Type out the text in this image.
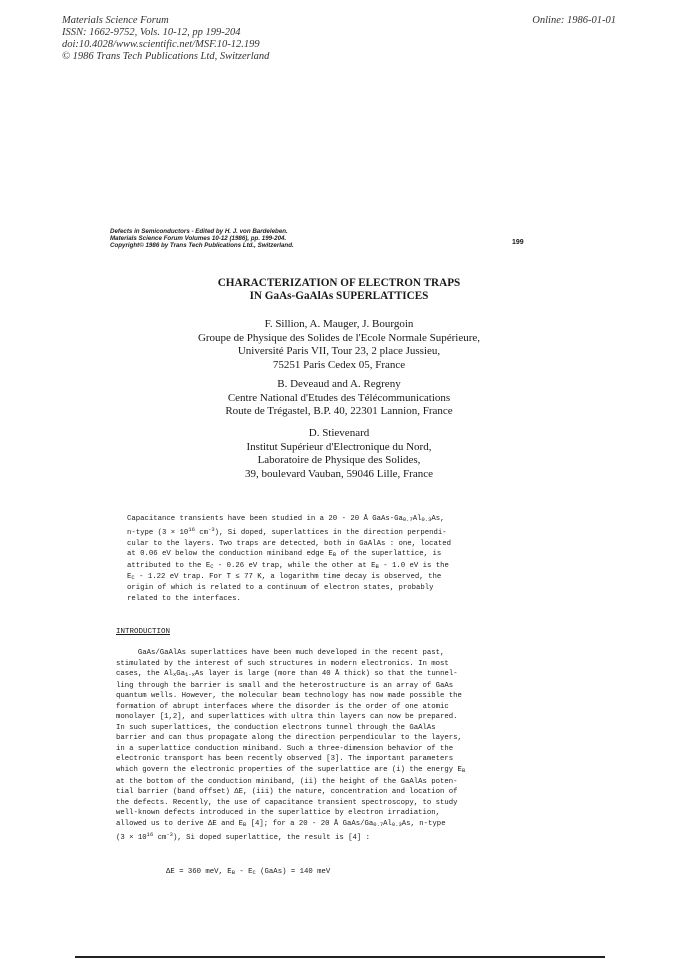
Materials Science Forum
ISSN: 1662-9752, Vols. 10-12, pp 199-204
doi:10.4028/www.scientific.net/MSF.10-12.199
© 1986 Trans Tech Publications Ltd, Switzerland
Online: 1986-01-01
Defects in Semiconductors - Edited by H. J. von Bardeleben.
Materials Science Forum Volumes 10-12 (1986), pp. 199-204.
Copyright© 1986 by Trans Tech Publications Ltd., Switzerland.	199
CHARACTERIZATION OF ELECTRON TRAPS
IN GaAs-GaAlAs SUPERLATTICES
F. Sillion, A. Mauger, J. Bourgoin
Groupe de Physique des Solides de l'Ecole Normale Supérieure,
Université Paris VII, Tour 23, 2 place Jussieu,
75251 Paris Cedex 05, France
B. Deveaud and A. Regreny
Centre National d'Etudes des Télécommunications
Route de Trégastel, B.P. 40, 22301 Lannion, France
D. Stievenard
Institut Supérieur d'Electronique du Nord,
Laboratoire de Physique des Solides,
39, boulevard Vauban, 59046 Lille, France
Capacitance transients have been studied in a 20 - 20 Å GaAs-$Ga_{0.7}Al_{0.3}As$,
n-type ($3 \times 10^{16}$ $cm^{-3}$), Si doped, superlattices in the direction perpendi-
cular to the layers. Two traps are detected, both in GaAlAs : one, located
at 0.06 eV below the conduction miniband edge $E_B$ of the superlattice, is
attributed to the $E_C - 0.26$ eV trap, while the other at $E_B - 1.0$ eV is the
$E_C - 1.22$ eV trap. For T ≤ 77 K, a logarithm time decay is observed, the
origin of which is related to a continuum of electron states, probably
related to the interfaces.
INTRODUCTION
GaAs/GaAlAs superlattices have been much developed in the recent past,
stimulated by the interest of such structures in modern electronics. In most
cases, the $Al_xGa_{1-x}As$ layer is large (more than 40 Å thick) so that the tunnel-
ling through the barrier is small and the heterostructure is an array of GaAs
quantum wells. However, the molecular beam technology has now made possible the
formation of abrupt interfaces where the disorder is the order of one atomic
monolayer [1,2], and superlattices with ultra thin layers can now be prepared.
In such superlattices, the conduction electrons tunnel through the GaAlAs
barrier and can thus propagate along the direction perpendicular to the layers,
in a superlattice conduction miniband. Such a three-dimension behavior of the
electronic transport has been recently observed [3]. The important parameters
which govern the electronic properties of the superlattice are (i) the energy $E_B$
at the bottom of the conduction miniband, (ii) the height of the GaAlAs poten-
tial barrier (band offset) ΔE, (iii) the nature, concentration and location of
the defects. Recently, the use of capacitance transient spectroscopy, to study
well-known defects introduced in the superlattice by electron irradiation,
allowed us to derive ΔE and $E_B$ [4]; for a 20 - 20 Å GaAs/$Ga_{0.7}Al_{0.3}As$, n-type
($3 \times 10^{16}$ $cm^{-3}$), Si doped superlattice, the result is [4] :
ΔE = 360 meV, $E_B - E_C$ (GaAs) = 140 meV
